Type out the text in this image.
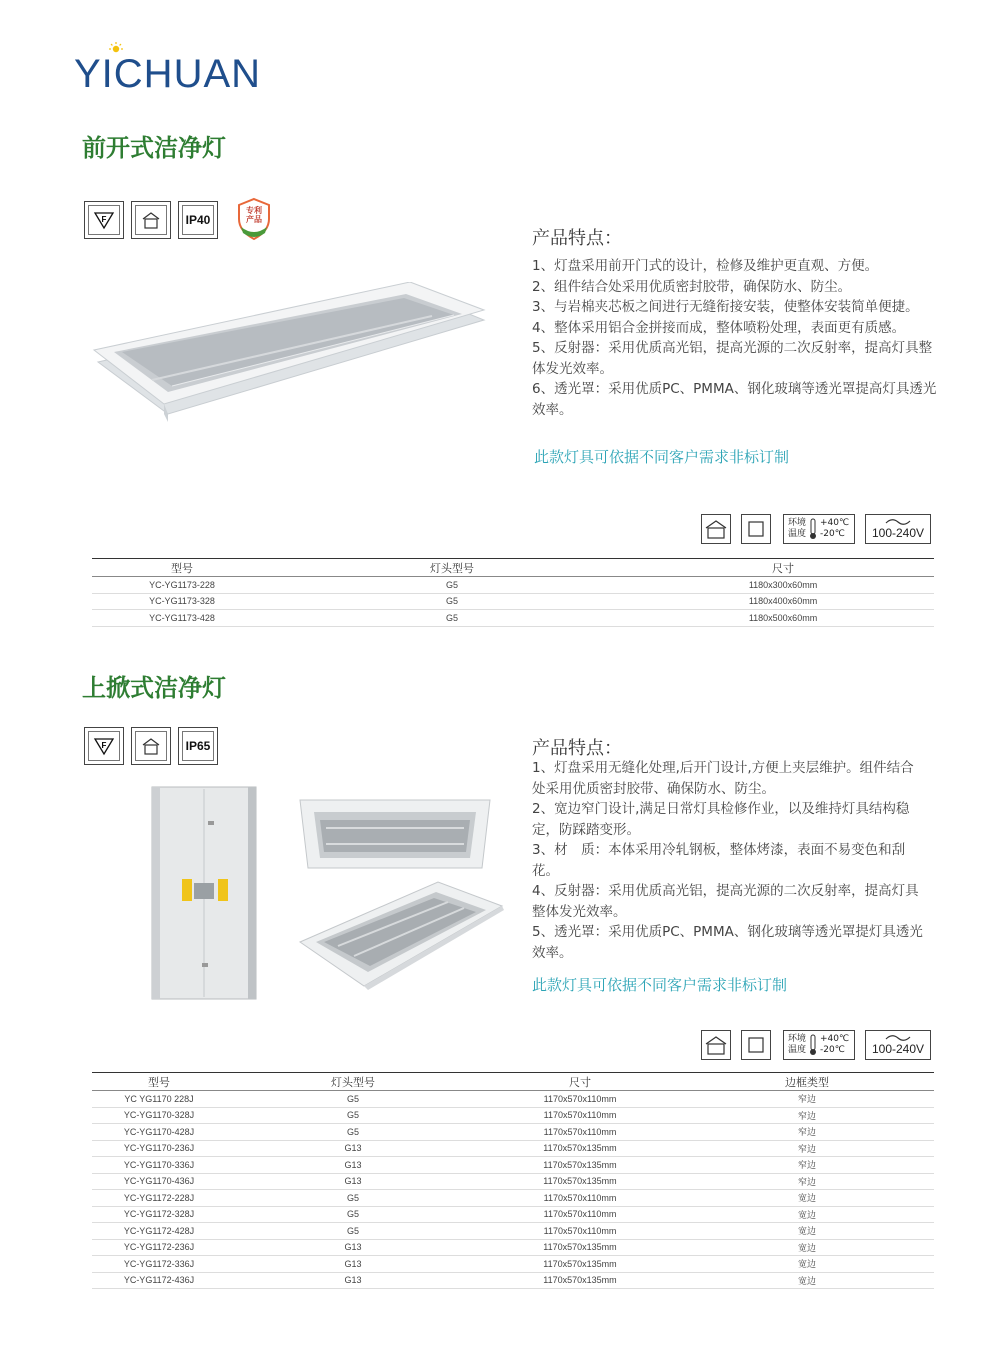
YICHUAN
前开式洁净灯
F	IP40
专利产品
产品特点：

1、灯盘采用前开门式的设计，检修及维护更直观、方便。

2、组件结合处采用优质密封胶带，确保防水、防尘。

3、与岩棉夹芯板之间进行无缝衔接安装，使整体安装简单便捷。

4、整体采用铝合金拼接而成，整体喷粉处理，表面更有质感。

5、反射器：采用优质高光铝，提高光源的二次反射率，提高灯具整体发光效率。

6、透光罩：采用优质PC、PMMA、钢化玻璃等透光罩提高灯具透光效率。

此款灯具可依据不同客户需求非标订制
环境
温度
+40℃
-20℃	100-240V
型号	灯头型号	尺寸
YC-YG1173-228	G5	1180x300x60mm
YC-YG1173-328	G5	1180x400x60mm
YC-YG1173-428	G5	1180x500x60mm
上掀式洁净灯
F	IP65	产品特点：

1、灯盘采用无缝化处理,后开门设计,方便上夹层维护。组件结合处采用优质密封胶带、确保防水、防尘。

2、宽边窄门设计,满足日常灯具检修作业，以及维持灯具结构稳定，防踩踏变形。

3、材　质：本体采用冷轧钢板，整体烤漆，表面不易变色和刮花。

4、反射器：采用优质高光铝，提高光源的二次反射率，提高灯具整体发光效率。

5、透光罩：采用优质PC、PMMA、钢化玻璃等透光罩提灯具透光效率。

此款灯具可依据不同客户需求非标订制
环境
温度
+40℃
-20℃	100-240V
型号	灯头型号	尺寸	边框类型
YC YG1170 228J	G5	1170x570x110mm	窄边
YC-YG1170-328J	G5	1170x570x110mm	窄边
YC-YG1170-428J	G5	1170x570x110mm	窄边
YC-YG1170-236J	G13	1170x570x135mm	窄边
YC-YG1170-336J	G13	1170x570x135mm	窄边
YC-YG1170-436J	G13	1170x570x135mm	窄边
YC-YG1172-228J	G5	1170x570x110mm	宽边
YC-YG1172-328J	G5	1170x570x110mm	宽边
YC-YG1172-428J	G5	1170x570x110mm	宽边
YC-YG1172-236J	G13	1170x570x135mm	宽边
YC-YG1172-336J	G13	1170x570x135mm	宽边
YC-YG1172-436J	G13	1170x570x135mm	宽边
